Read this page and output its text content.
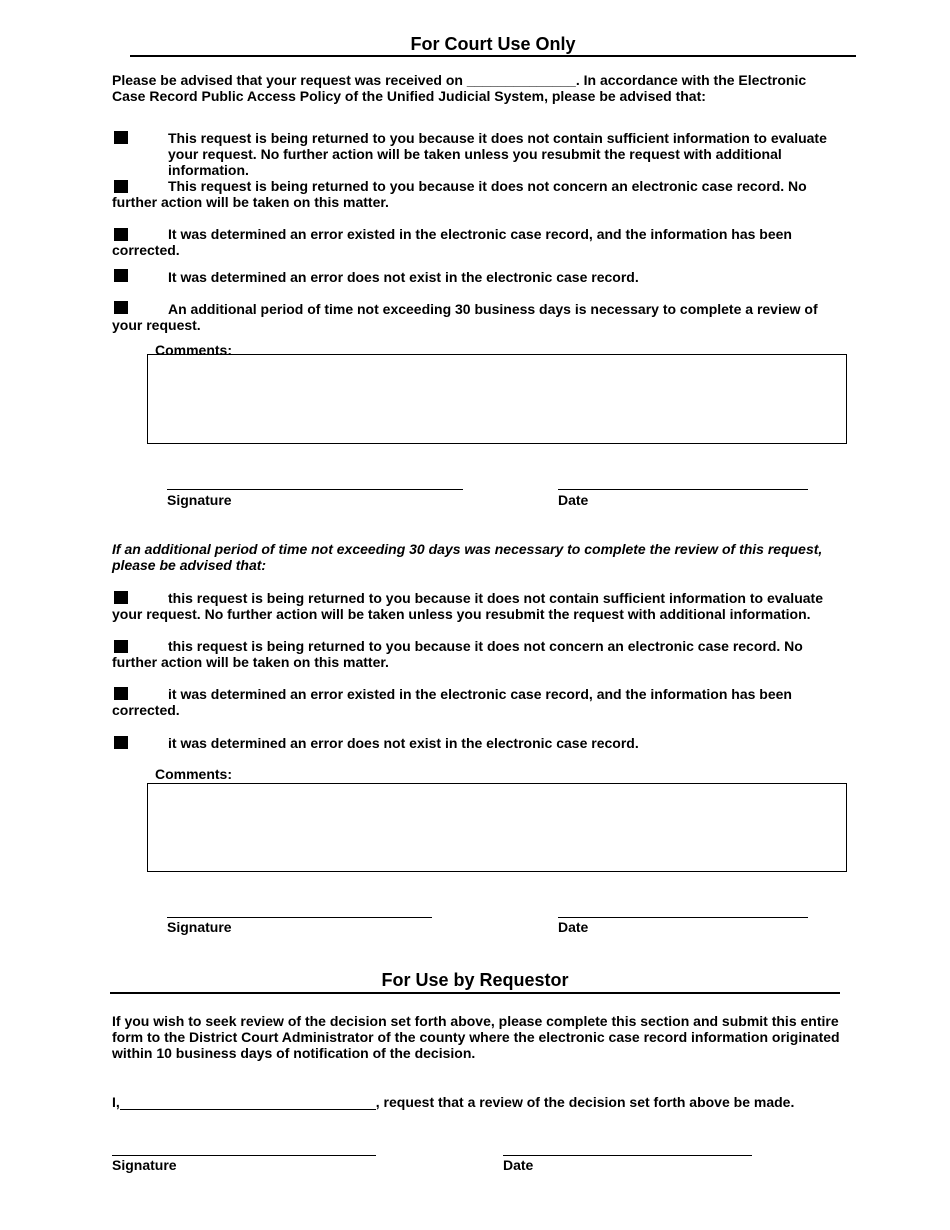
For Court Use Only
Please be advised that your request was received on ______________. In accordance with the Electronic Case Record Public Access Policy of the Unified Judicial System, please be advised that:
This request is being returned to you because it does not contain sufficient information to evaluate your request. No further action will be taken unless you resubmit the request with additional information.
This request is being returned to you because it does not concern an electronic case record. No further action will be taken on this matter.
It was determined an error existed in the electronic case record, and the information has been corrected.
It was determined an error does not exist in the electronic case record.
An additional period of time not exceeding 30 business days is necessary to complete a review of your request.
Comments:
Signature	Date
If an additional period of time not exceeding 30 days was necessary to complete the review of this request, please be advised that:
this request is being returned to you because it does not contain sufficient information to evaluate your request. No further action will be taken unless you resubmit the request with additional information.
this request is being returned to you because it does not concern an electronic case record. No further action will be taken on this matter.
it was determined an error existed in the electronic case record, and the information has been corrected.
it was determined an error does not exist in the electronic case record.
Comments:
Signature	Date
For Use by Requestor
If you wish to seek review of the decision set forth above, please complete this section and submit this entire form to the District Court Administrator of the county where the electronic case record information originated within 10 business days of notification of the decision.
I,	, request that a review of the decision set forth above be made.
Signature	Date
